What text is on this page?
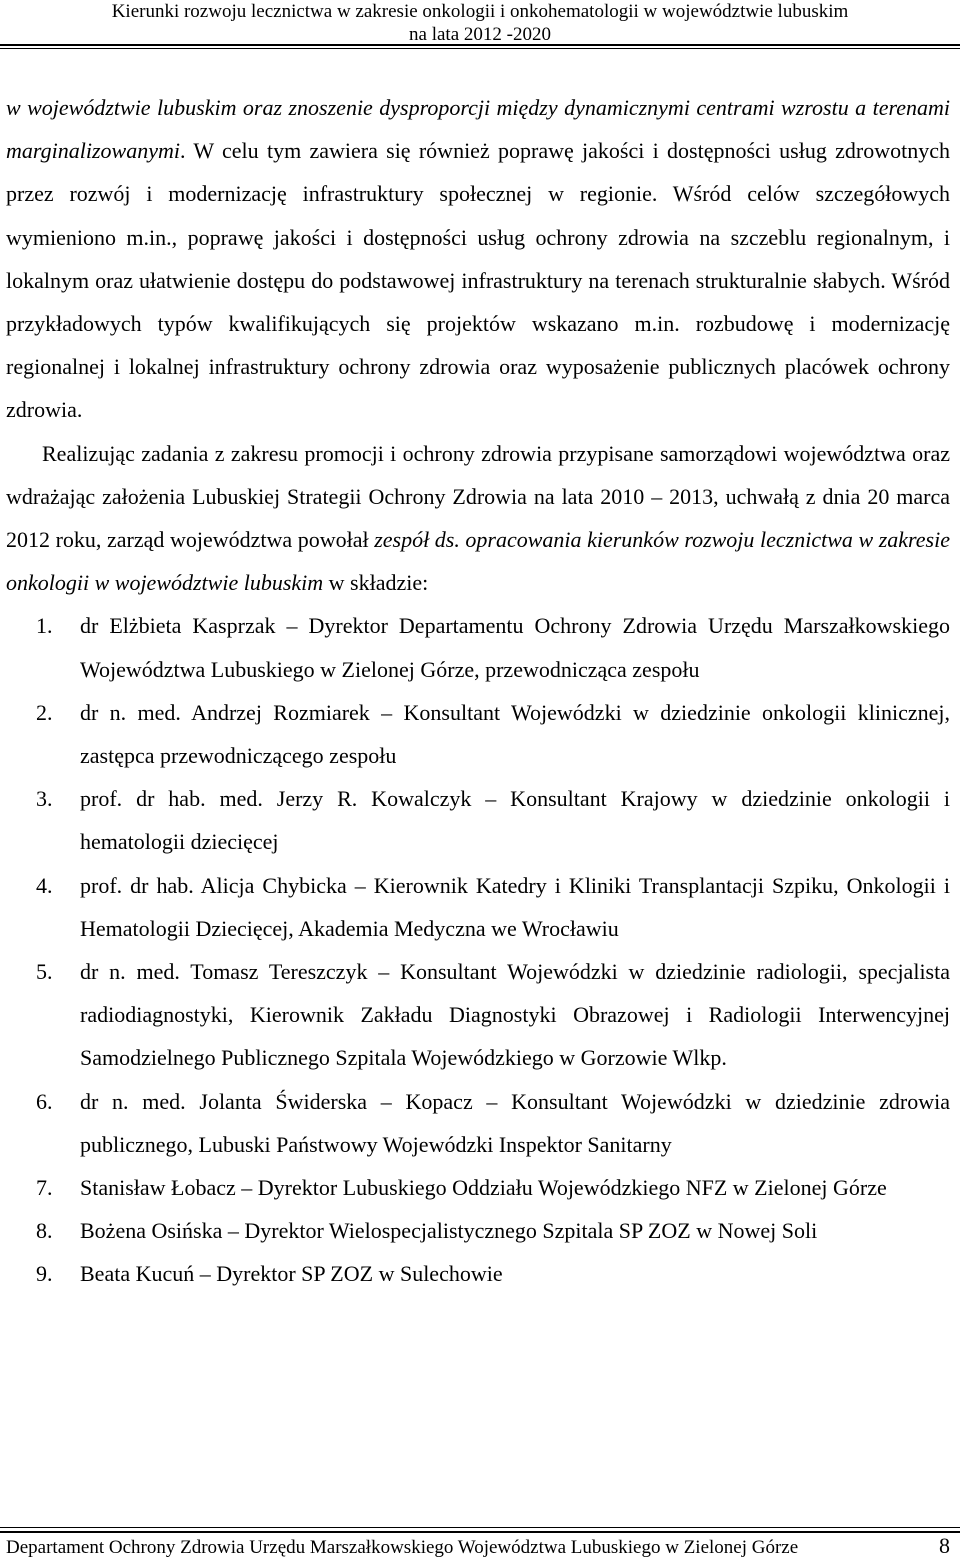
Kierunki rozwoju lecznictwa w zakresie onkologii i onkohematologii w województwie lubuskim
na lata 2012 -2020

w województwie lubuskim oraz znoszenie dysproporcji między dynamicznymi centrami wzrostu a terenami marginalizowanymi. W celu tym zawiera się również poprawę jakości i dostępności usług zdrowotnych przez rozwój i modernizację infrastruktury społecznej w regionie. Wśród celów szczegółowych wymieniono m.in., poprawę jakości i dostępności usług ochrony zdrowia na szczeblu regionalnym, i lokalnym oraz ułatwienie dostępu do podstawowej infrastruktury na terenach strukturalnie słabych. Wśród przykładowych typów kwalifikujących się projektów wskazano m.in. rozbudowę i modernizację regionalnej i lokalnej infrastruktury ochrony zdrowia oraz wyposażenie publicznych placówek ochrony zdrowia.

Realizując zadania z zakresu promocji i ochrony zdrowia przypisane samorządowi województwa oraz wdrażając założenia Lubuskiej Strategii Ochrony Zdrowia na lata 2010 – 2013, uchwałą z dnia 20 marca 2012 roku, zarząd województwa powołał zespół ds. opracowania kierunków rozwoju lecznictwa w zakresie onkologii w województwie lubuskim w składzie:

1. dr Elżbieta Kasprzak – Dyrektor Departamentu Ochrony Zdrowia Urzędu Marszałkowskiego Województwa Lubuskiego w Zielonej Górze, przewodnicząca zespołu
2. dr n. med. Andrzej Rozmiarek – Konsultant Wojewódzki w dziedzinie onkologii klinicznej, zastępca przewodniczącego zespołu
3. prof. dr hab. med. Jerzy R. Kowalczyk – Konsultant Krajowy w dziedzinie onkologii i hematologii dziecięcej
4. prof. dr hab. Alicja Chybicka – Kierownik Katedry i Kliniki Transplantacji Szpiku, Onkologii i Hematologii Dziecięcej, Akademia Medyczna we Wrocławiu
5. dr n. med. Tomasz Tereszczyk – Konsultant Wojewódzki w dziedzinie radiologii, specjalista radiodiagnostyki, Kierownik Zakładu Diagnostyki Obrazowej i Radiologii Interwencyjnej Samodzielnego Publicznego Szpitala Wojewódzkiego w Gorzowie Wlkp.
6. dr n. med. Jolanta Świderska – Kopacz – Konsultant Wojewódzki w dziedzinie zdrowia publicznego, Lubuski Państwowy Wojewódzki Inspektor Sanitarny
7. Stanisław Łobacz – Dyrektor Lubuskiego Oddziału Wojewódzkiego NFZ w Zielonej Górze
8. Bożena Osińska – Dyrektor Wielospecjalistycznego Szpitala SP ZOZ w Nowej Soli
9. Beata Kucuń – Dyrektor SP ZOZ w Sulechowie
Departament Ochrony Zdrowia Urzędu Marszałkowskiego Województwa Lubuskiego w Zielonej Górze	8
